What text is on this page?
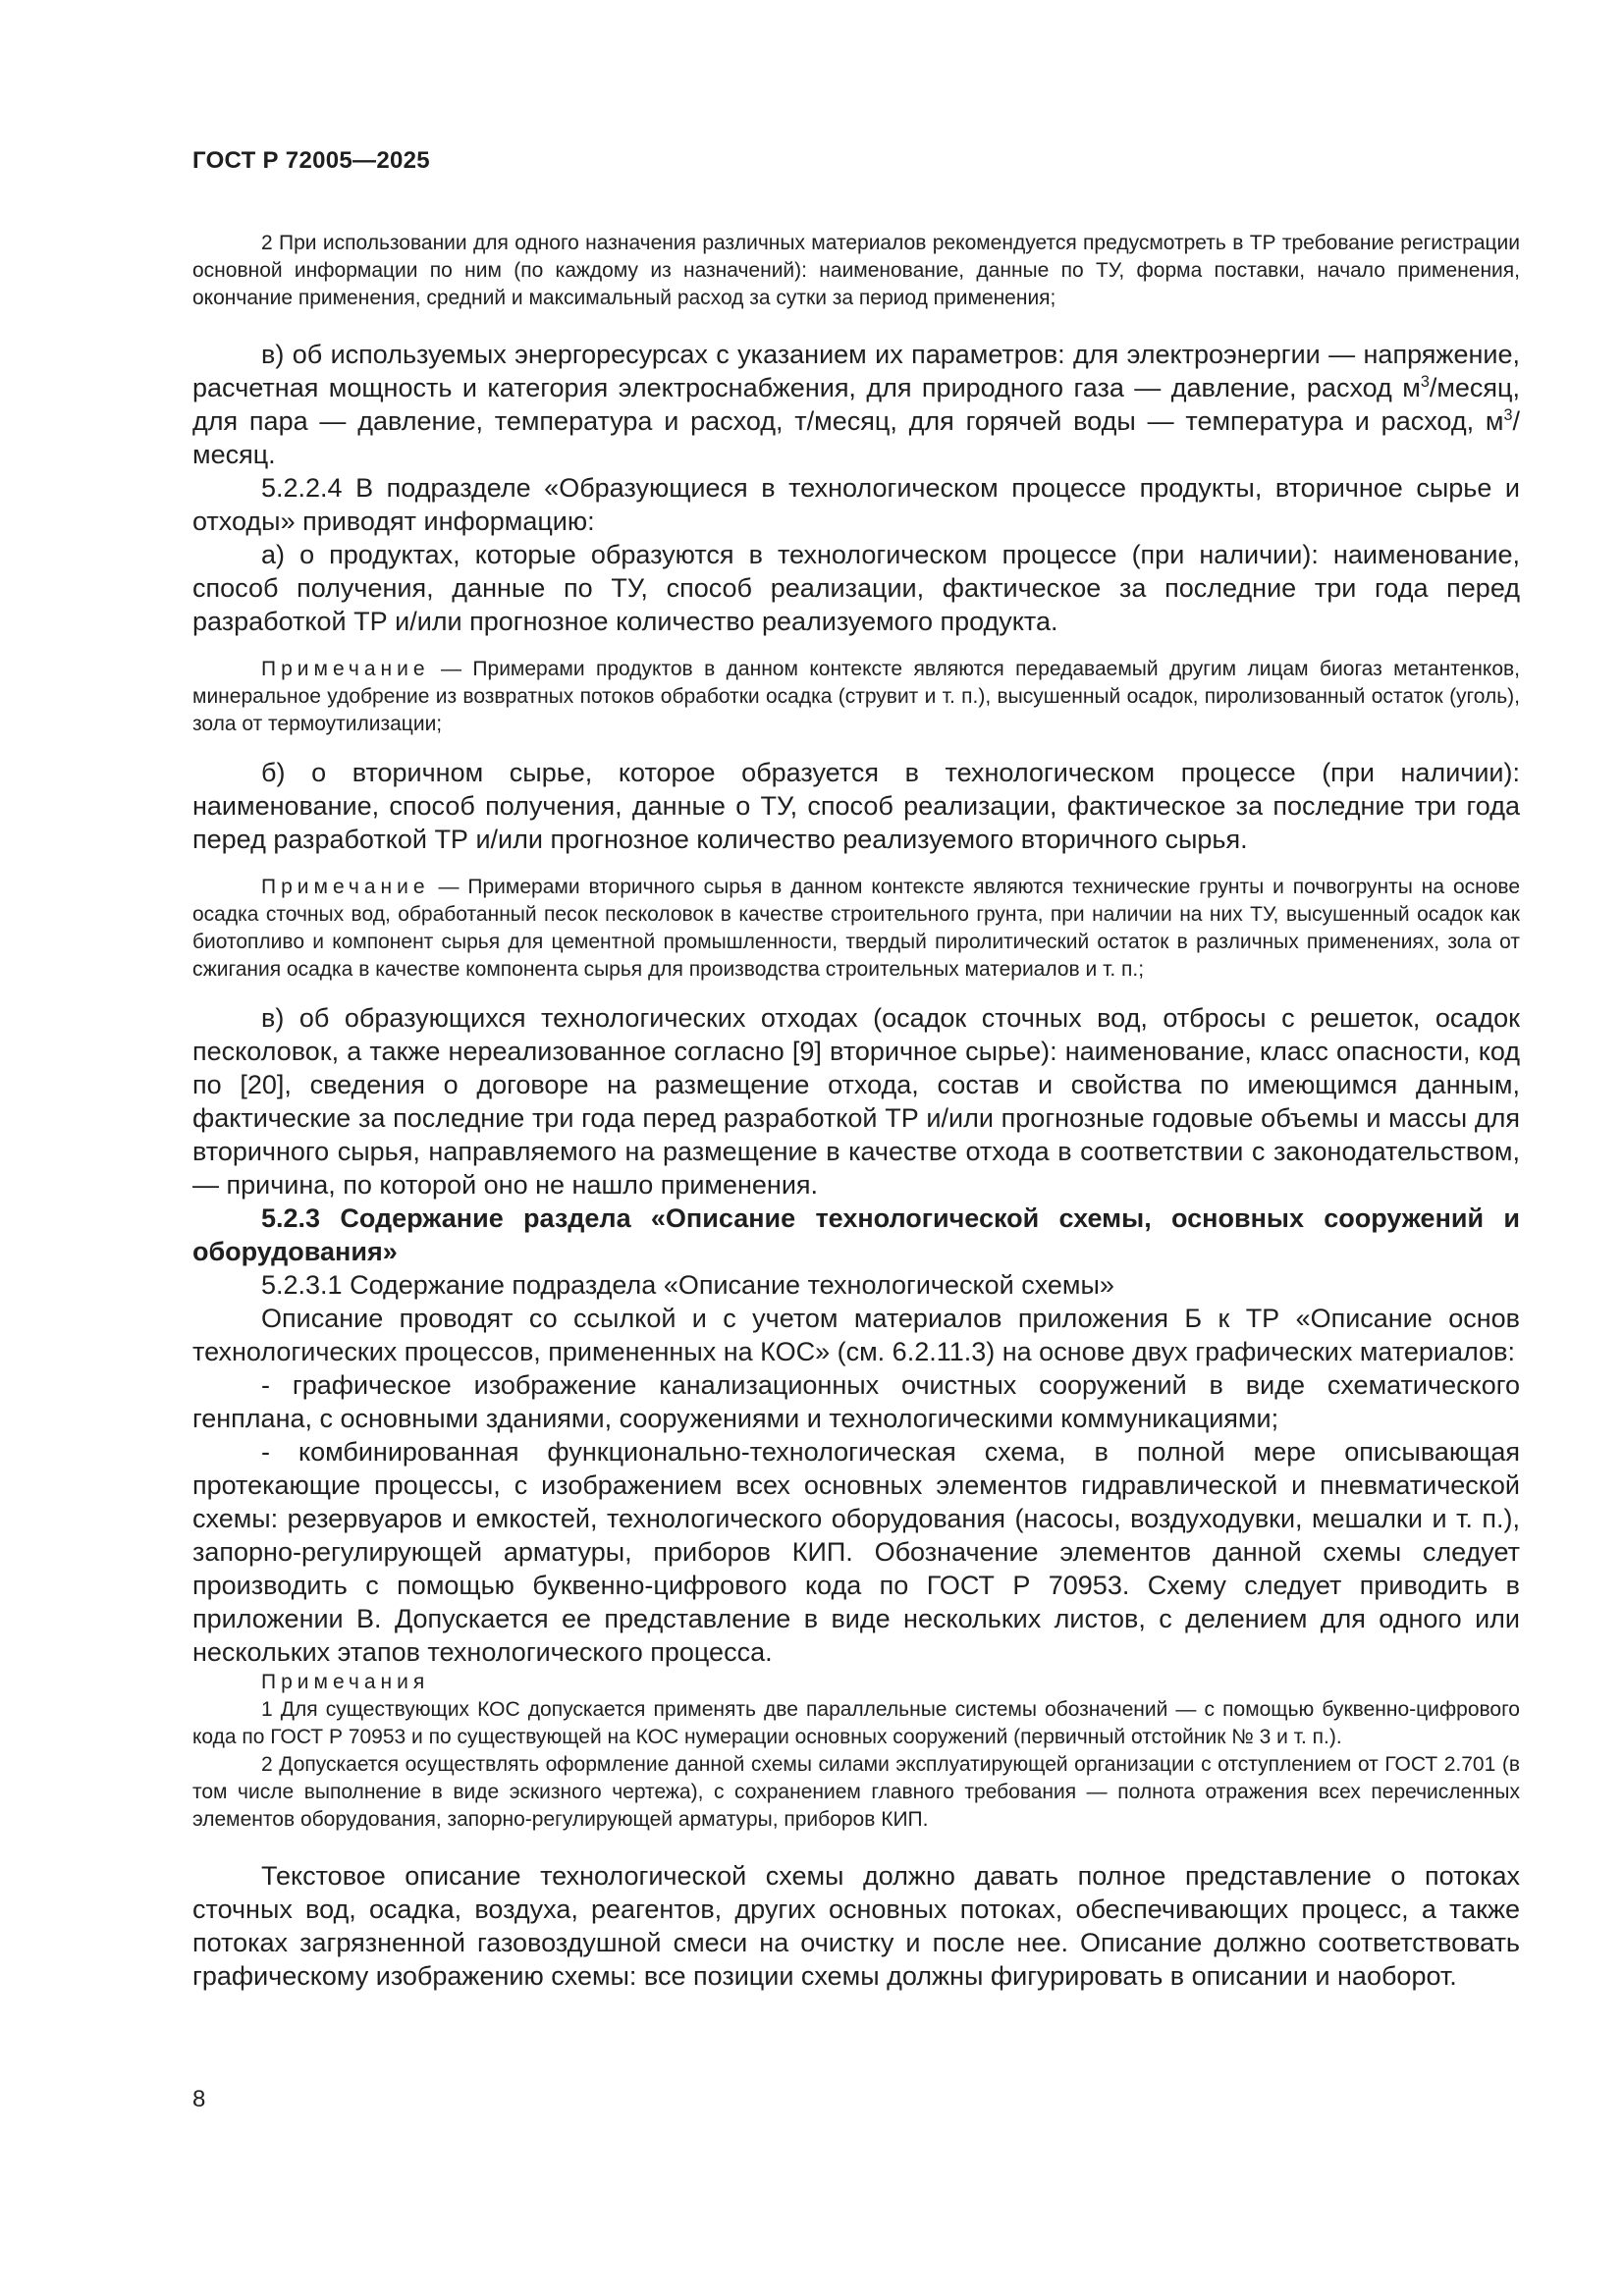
ГОСТ Р 72005—2025

2 При использовании для одного назначения различных материалов рекомендуется предусмотреть в ТР требование регистрации основной информации по ним (по каждому из назначений): наименование, данные по ТУ, форма поставки, начало применения, окончание применения, средний и максимальный расход за сутки за период применения;

в) об используемых энергоресурсах с указанием их параметров: для электроэнергии — напряжение, расчетная мощность и категория электроснабжения, для природного газа — давление, расход $м^3$/месяц, для пара — давление, температура и расход, т/месяц, для горячей воды — температура и расход, $м^3$/месяц.

5.2.2.4 В подразделе «Образующиеся в технологическом процессе продукты, вторичное сырье и отходы» приводят информацию:

а) о продуктах, которые образуются в технологическом процессе (при наличии): наименование, способ получения, данные по ТУ, способ реализации, фактическое за последние три года перед разработкой ТР и/или прогнозное количество реализуемого продукта.

Примечание — Примерами продуктов в данном контексте являются передаваемый другим лицам биогаз метантенков, минеральное удобрение из возвратных потоков обработки осадка (струвит и т. п.), высушенный осадок, пиролизованный остаток (уголь), зола от термоутилизации;

б) о вторичном сырье, которое образуется в технологическом процессе (при наличии): наименование, способ получения, данные о ТУ, способ реализации, фактическое за последние три года перед разработкой ТР и/или прогнозное количество реализуемого вторичного сырья.

Примечание — Примерами вторичного сырья в данном контексте являются технические грунты и почвогрунты на основе осадка сточных вод, обработанный песок песколовок в качестве строительного грунта, при наличии на них ТУ, высушенный осадок как биотопливо и компонент сырья для цементной промышленности, твердый пиролитический остаток в различных применениях, зола от сжигания осадка в качестве компонента сырья для производства строительных материалов и т. п.;

в) об образующихся технологических отходах (осадок сточных вод, отбросы с решеток, осадок песколовок, а также нереализованное согласно [9] вторичное сырье): наименование, класс опасности, код по [20], сведения о договоре на размещение отхода, состав и свойства по имеющимся данным, фактические за последние три года перед разработкой ТР и/или прогнозные годовые объемы и массы для вторичного сырья, направляемого на размещение в качестве отхода в соответствии с законодательством, — причина, по которой оно не нашло применения.

5.2.3 Содержание раздела «Описание технологической схемы, основных сооружений и оборудования»

5.2.3.1 Содержание подраздела «Описание технологической схемы»

Описание проводят со ссылкой и с учетом материалов приложения Б к ТР «Описание основ технологических процессов, примененных на КОС» (см. 6.2.11.3) на основе двух графических материалов:

- графическое изображение канализационных очистных сооружений в виде схематического генплана, с основными зданиями, сооружениями и технологическими коммуникациями;

- комбинированная функционально-технологическая схема, в полной мере описывающая протекающие процессы, с изображением всех основных элементов гидравлической и пневматической схемы: резервуаров и емкостей, технологического оборудования (насосы, воздуходувки, мешалки и т. п.), запорно-регулирующей арматуры, приборов КИП. Обозначение элементов данной схемы следует производить с помощью буквенно-цифрового кода по ГОСТ Р 70953. Схему следует приводить в приложении В. Допускается ее представление в виде нескольких листов, с делением для одного или нескольких этапов технологического процесса.

Примечания

1 Для существующих КОС допускается применять две параллельные системы обозначений — с помощью буквенно-цифрового кода по ГОСТ Р 70953 и по существующей на КОС нумерации основных сооружений (первичный отстойник № 3 и т. п.).

2 Допускается осуществлять оформление данной схемы силами эксплуатирующей организации с отступлением от ГОСТ 2.701 (в том числе выполнение в виде эскизного чертежа), с сохранением главного требования — полнота отражения всех перечисленных элементов оборудования, запорно-регулирующей арматуры, приборов КИП.

Текстовое описание технологической схемы должно давать полное представление о потоках сточных вод, осадка, воздуха, реагентов, других основных потоках, обеспечивающих процесс, а также потоках загрязненной газовоздушной смеси на очистку и после нее. Описание должно соответствовать графическому изображению схемы: все позиции схемы должны фигурировать в описании и наоборот.

8
